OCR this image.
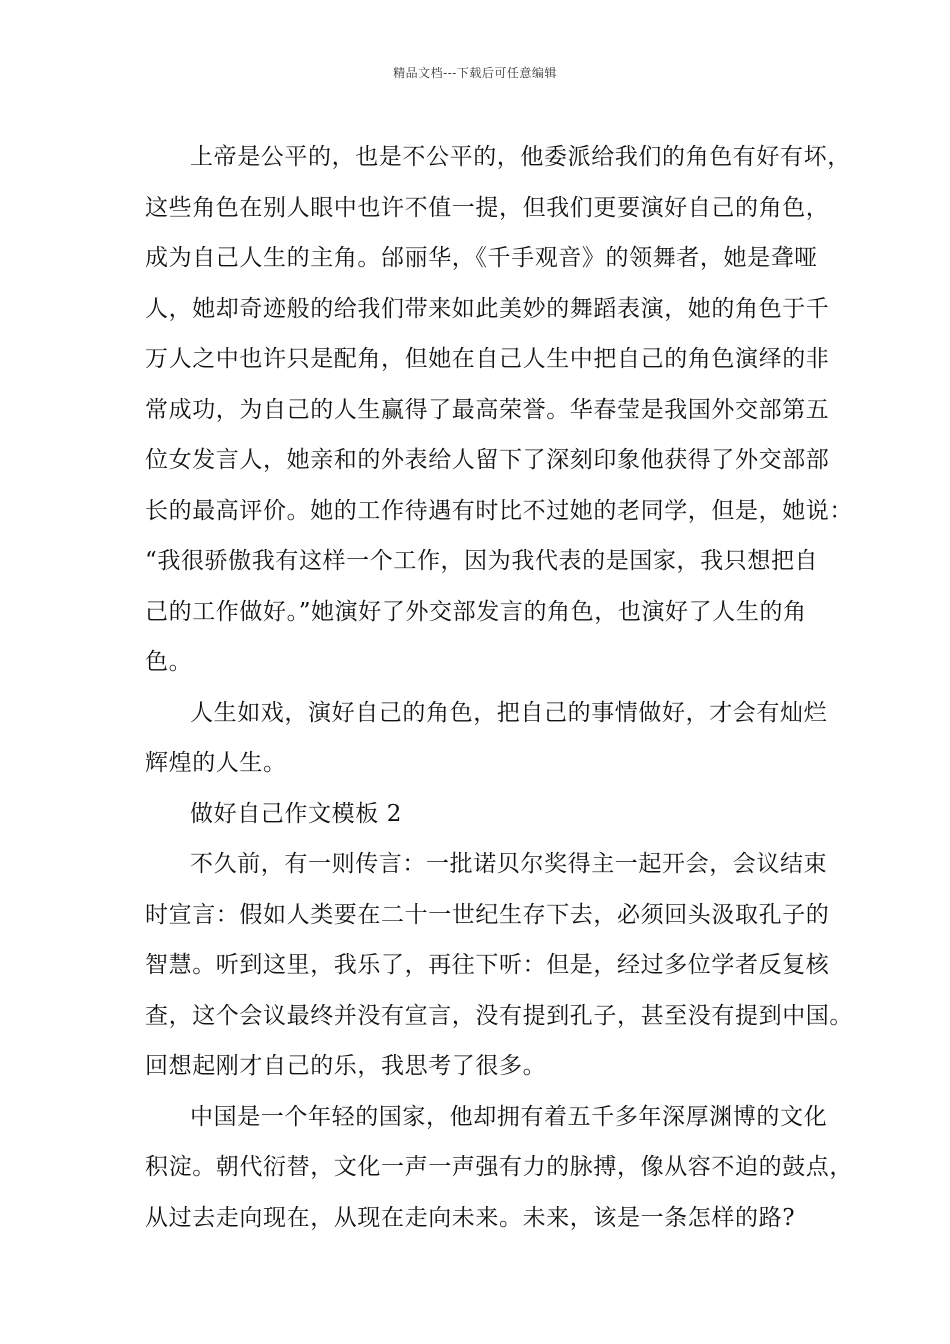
精品文档---下载后可任意编辑
上帝是公平的，也是不公平的，他委派给我们的角色有好有坏，
这些角色在别人眼中也许不值一提，但我们更要演好自己的角色，
成为自己人生的主角。邰丽华，《千手观音》的领舞者，她是聋哑
人，她却奇迹般的给我们带来如此美妙的舞蹈表演，她的角色于千
万人之中也许只是配角，但她在自己人生中把自己的角色演绎的非
常成功，为自己的人生赢得了最高荣誉。华春莹是我国外交部第五
位女发言人，她亲和的外表给人留下了深刻印象他获得了外交部部
长的最高评价。她的工作待遇有时比不过她的老同学，但是，她说：
“我很骄傲我有这样一个工作，因为我代表的是国家，我只想把自
己的工作做好。”她演好了外交部发言的角色，也演好了人生的角
色。
人生如戏，演好自己的角色，把自己的事情做好，才会有灿烂
辉煌的人生。
做好自己作文模板 2
不久前，有一则传言：一批诺贝尔奖得主一起开会，会议结束
时宣言：假如人类要在二十一世纪生存下去，必须回头汲取孔子的
智慧。听到这里，我乐了，再往下听：但是，经过多位学者反复核
查，这个会议最终并没有宣言，没有提到孔子，甚至没有提到中国。
回想起刚才自己的乐，我思考了很多。
中国是一个年轻的国家，他却拥有着五千多年深厚渊博的文化
积淀。朝代衍替，文化一声一声强有力的脉搏，像从容不迫的鼓点，
从过去走向现在，从现在走向未来。未来，该是一条怎样的路?
